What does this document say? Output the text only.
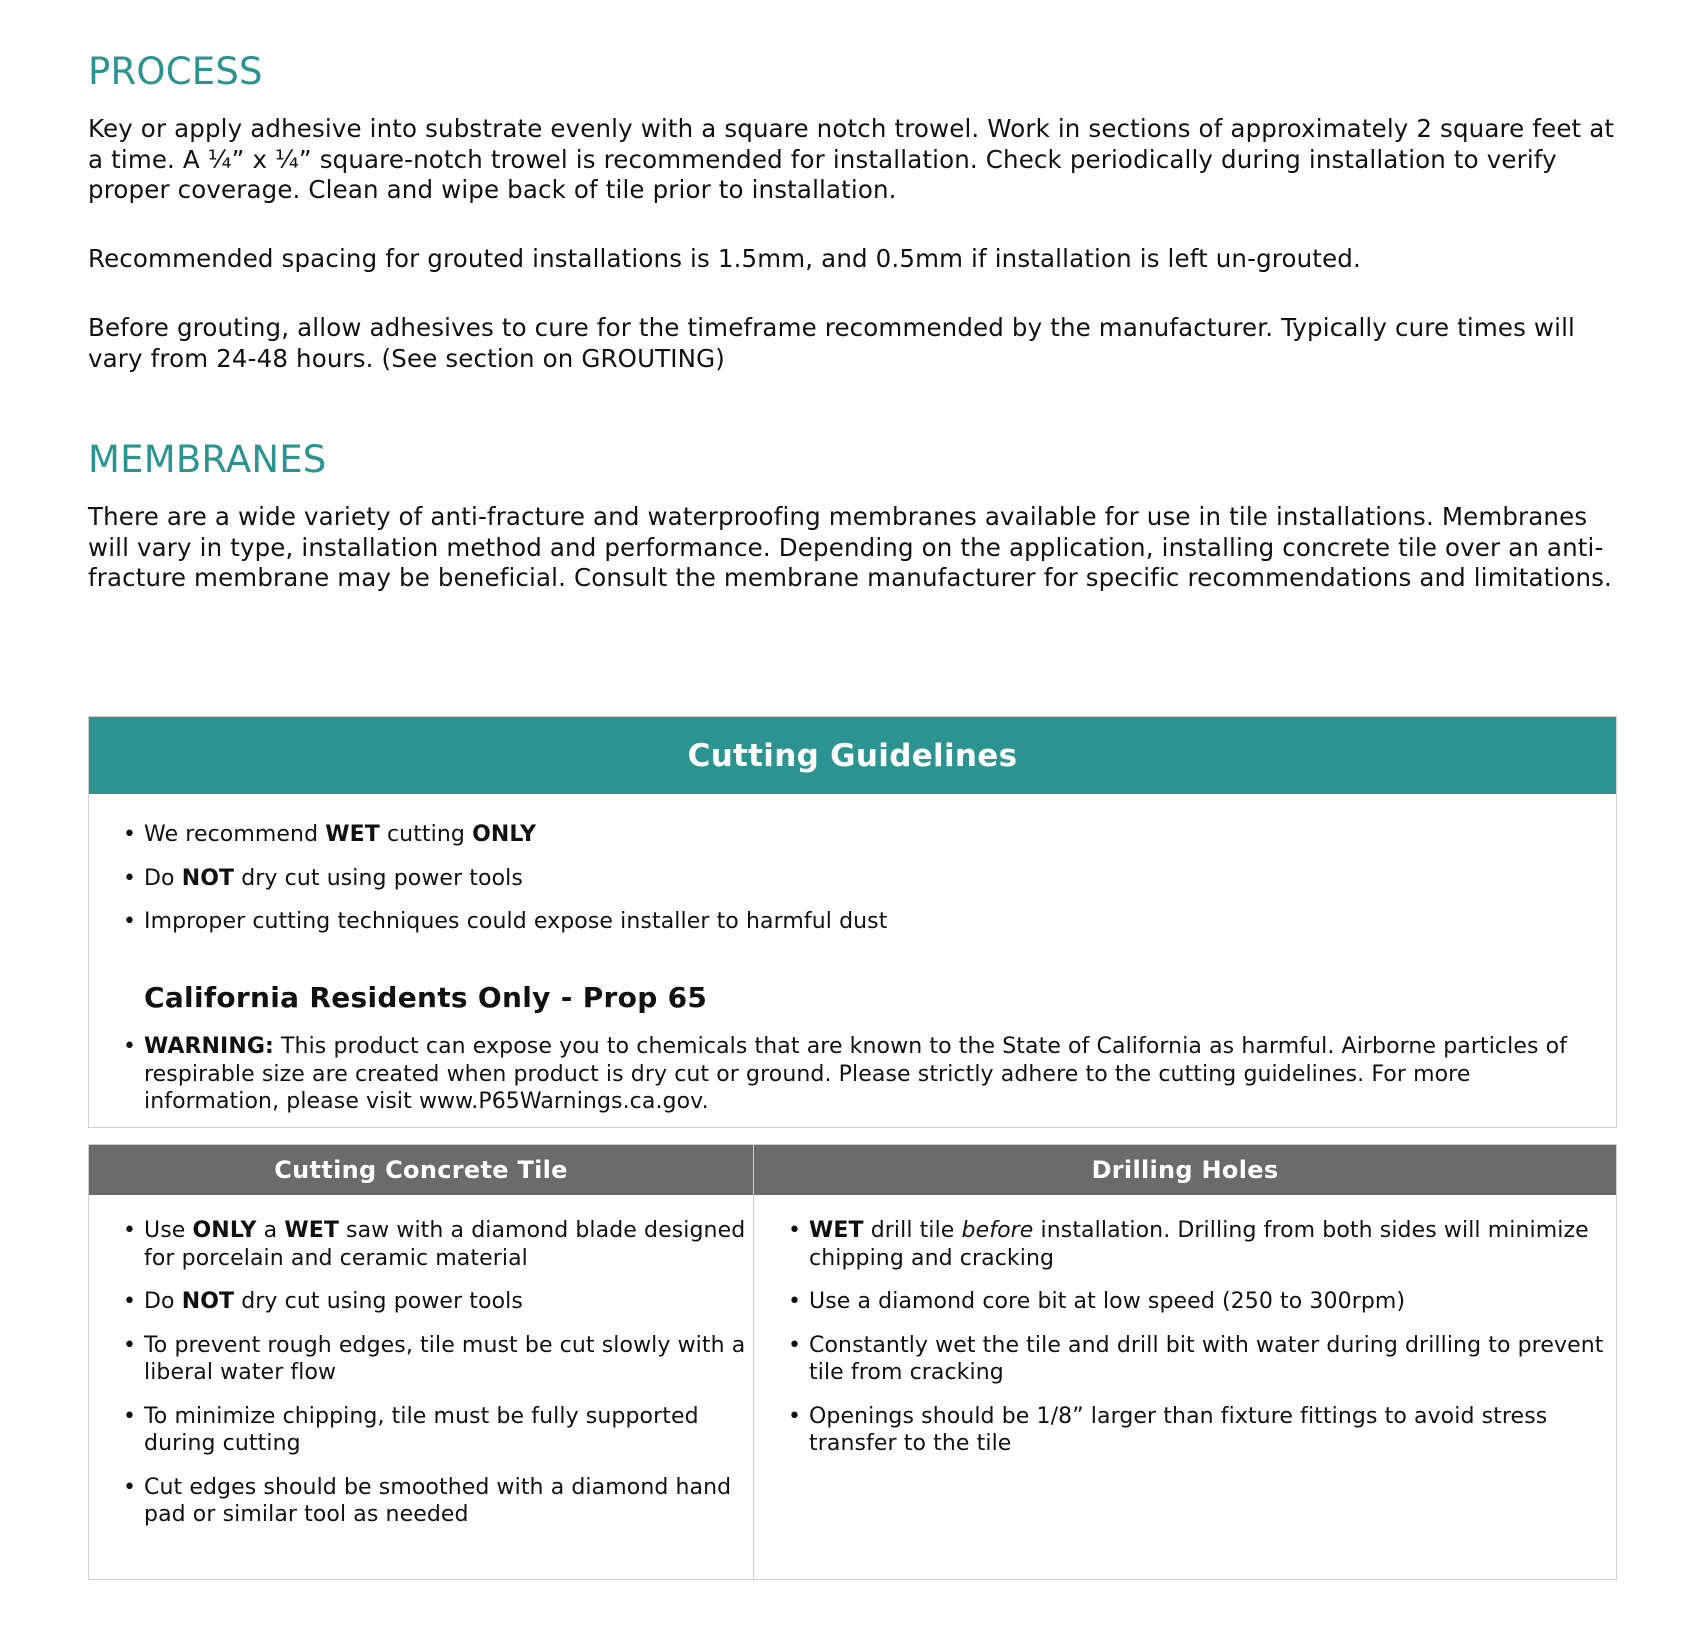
PROCESS

Key or apply adhesive into substrate evenly with a square notch trowel. Work in sections of approximately 2 square feet at a time. A ¼” x ¼” square-notch trowel is recommended for installation. Check periodically during installation to verify proper coverage. Clean and wipe back of tile prior to installation.

Recommended spacing for grouted installations is 1.5mm, and 0.5mm if installation is left un-grouted.

Before grouting, allow adhesives to cure for the timeframe recommended by the manufacturer. Typically cure times will vary from 24-48 hours. (See section on GROUTING)

MEMBRANES

There are a wide variety of anti-fracture and waterproofing membranes available for use in tile installations. Membranes will vary in type, installation method and performance. Depending on the application, installing concrete tile over an anti-fracture membrane may be beneficial. Consult the membrane manufacturer for specific recommendations and limitations.

Cutting Guidelines
• We recommend WET cutting ONLY
• Do NOT dry cut using power tools
• Improper cutting techniques could expose installer to harmful dust
California Residents Only - Prop 65
• WARNING: This product can expose you to chemicals that are known to the State of California as harmful. Airborne particles of respirable size are created when product is dry cut or ground. Please strictly adhere to the cutting guidelines. For more information, please visit www.P65Warnings.ca.gov.
Cutting Concrete Tile
• Use ONLY a WET saw with a diamond blade designed for porcelain and ceramic material
• Do NOT dry cut using power tools
• To prevent rough edges, tile must be cut slowly with a liberal water flow
• To minimize chipping, tile must be fully supported during cutting
• Cut edges should be smoothed with a diamond hand pad or similar tool as needed
Drilling Holes
• WET drill tile before installation. Drilling from both sides will minimize chipping and cracking
• Use a diamond core bit at low speed (250 to 300rpm)
• Constantly wet the tile and drill bit with water during drilling to prevent tile from cracking
• Openings should be 1/8” larger than fixture fittings to avoid stress transfer to the tile
